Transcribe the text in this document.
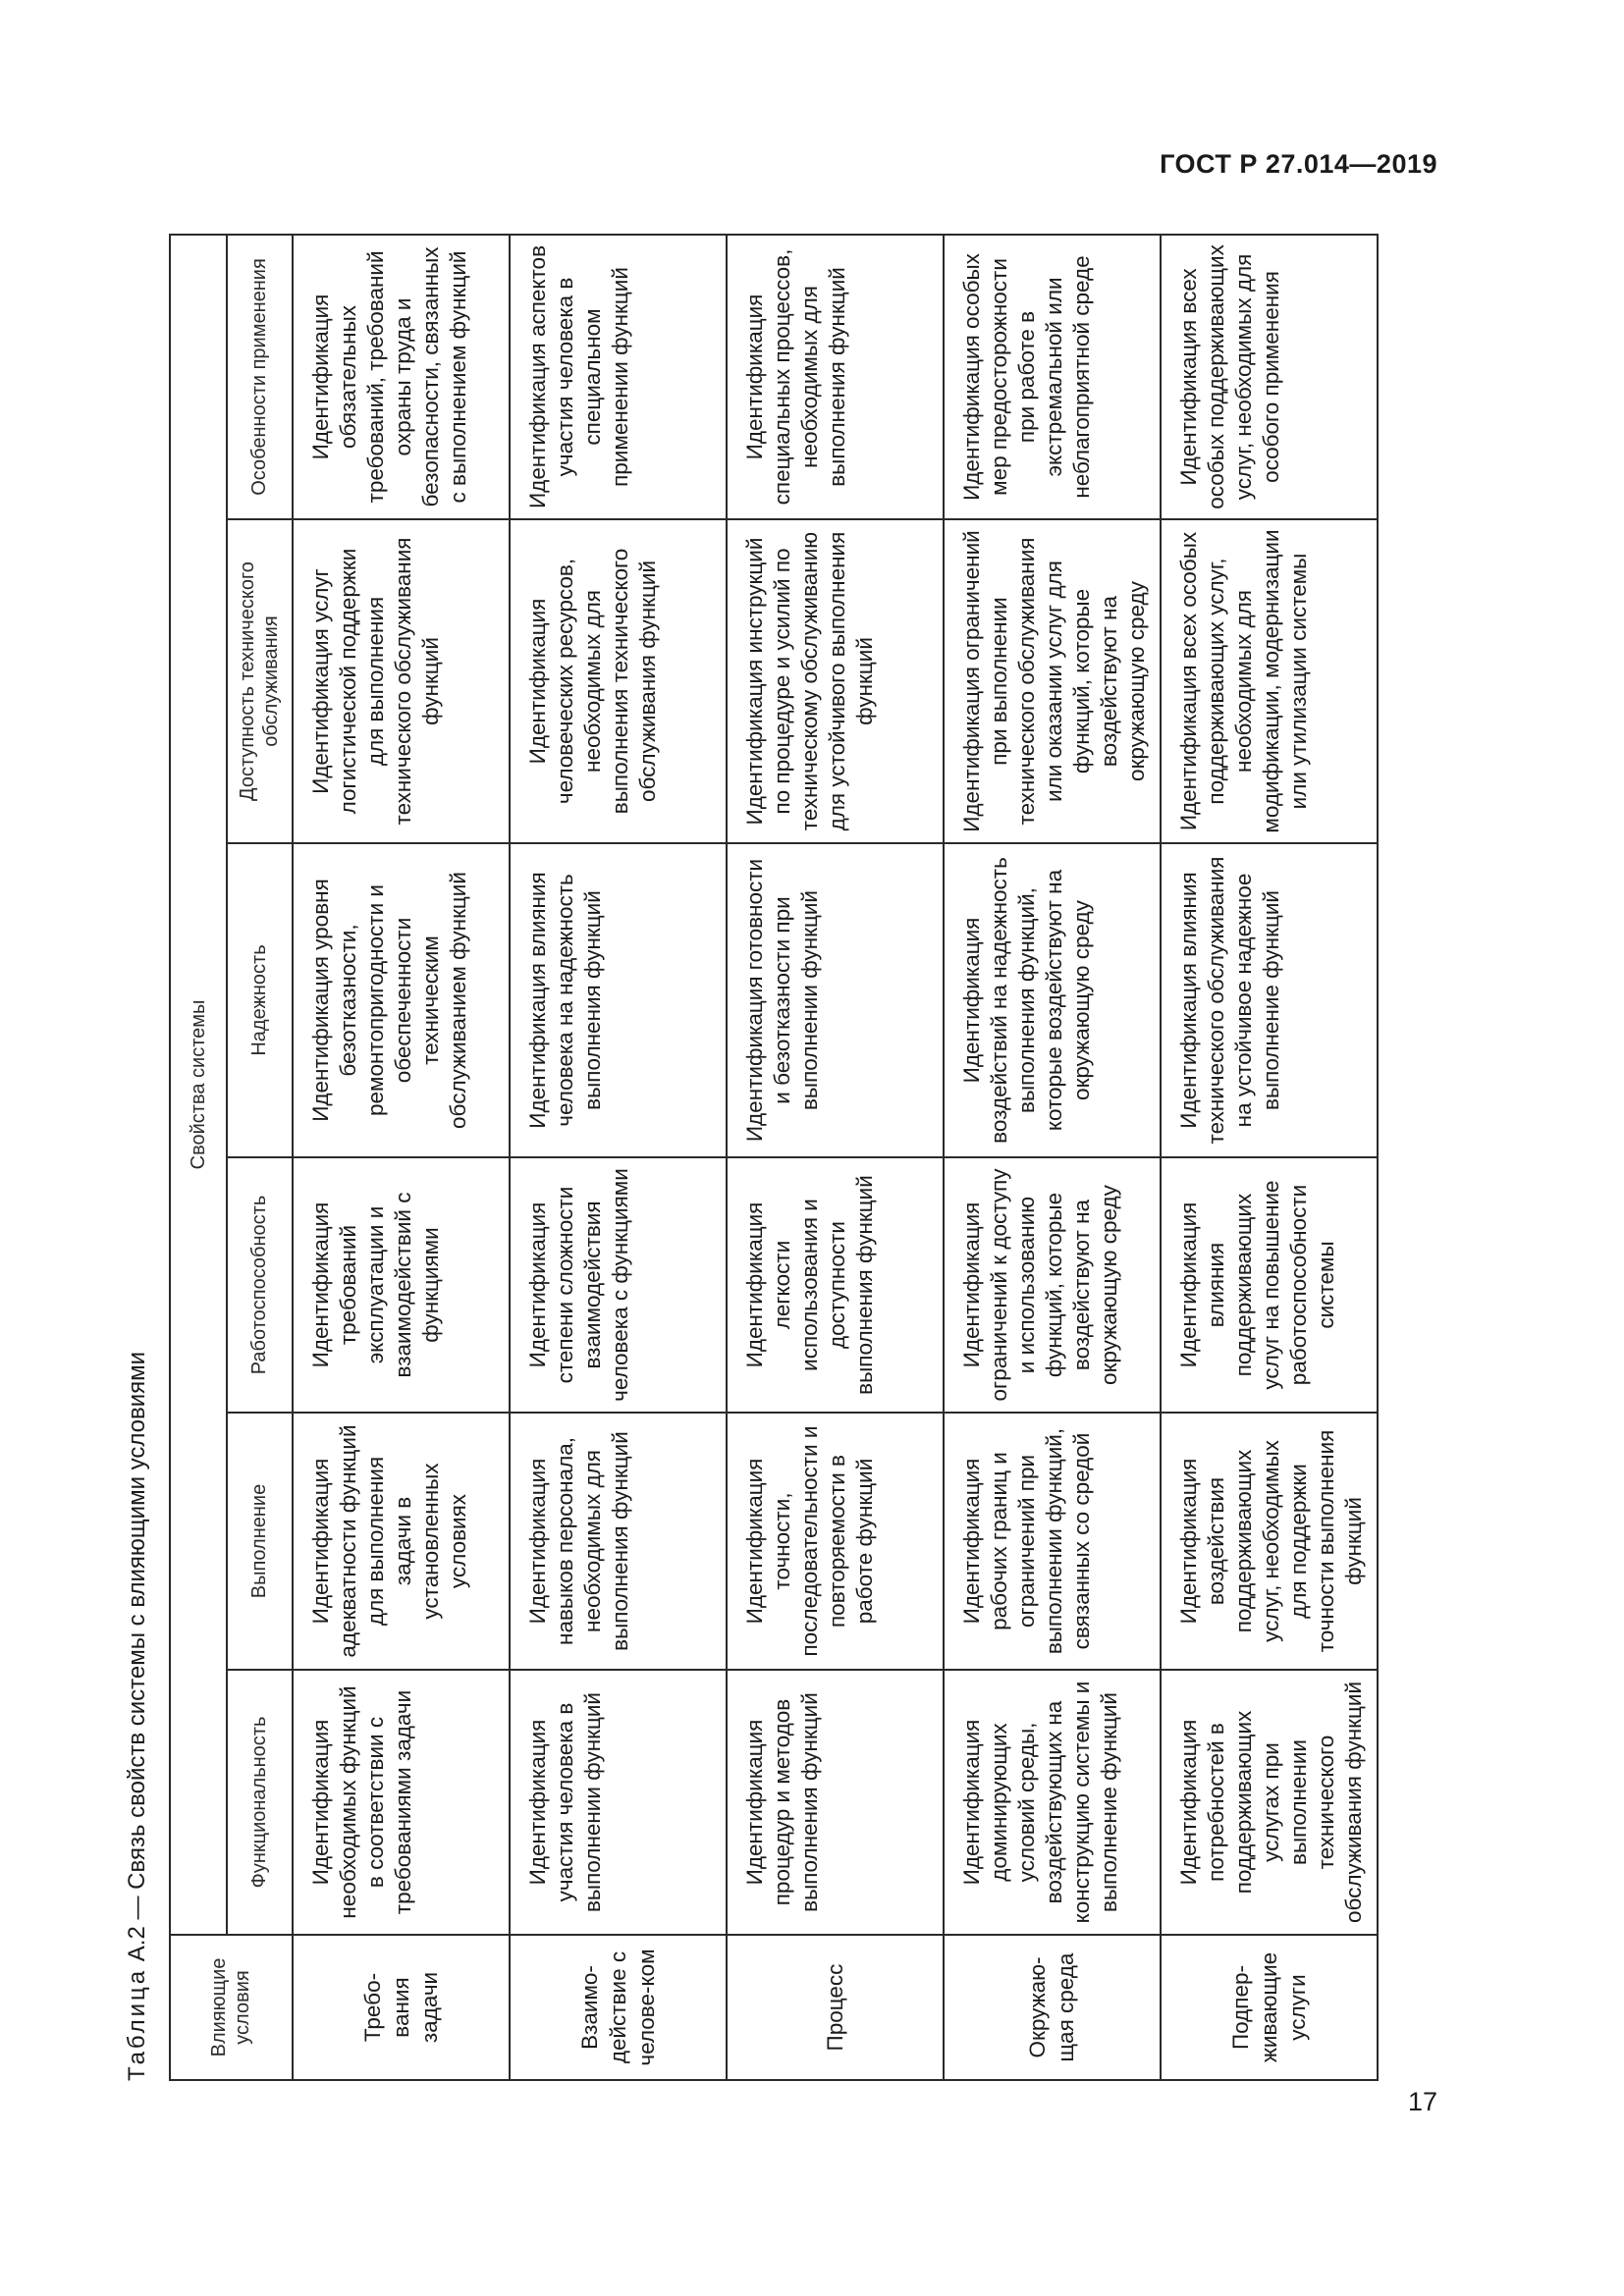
ГОСТ Р 27.014—2019
Таблица А.2 — Связь свойств системы с влияющими условиями
Влияющие условия	Свойства системы					
	Функциональность	Выполнение	Работоспособность	Надежность	Доступность технического обслуживания	Особенности применения
Требо-вания задачи	Идентификация необходимых функций в соответствии с требованиями задачи	Идентификация адекватности функций для выполнения задачи в установленных условиях	Идентификация требований эксплуатации и взаимодействий с функциями	Идентификация уровня безотказности, ремонтопригодности и обеспеченности техническим обслуживанием функций	Идентификация услуг логистической поддержки для выполнения технического обслуживания функций	Идентификация обязательных требований, требований охраны труда и безопасности, связанных с выполнением функций
Взаимо-действие с челове-ком	Идентификация участия человека в выполнении функций	Идентификация навыков персонала, необходимых для выполнения функций	Идентификация степени сложности взаимодействия человека с функциями	Идентификация влияния человека на надежность выполнения функций	Идентификация человеческих ресурсов, необходимых для выполнения технического обслуживания функций	Идентификация аспектов участия человека в специальном применении функций
Процесс	Идентификация процедур и методов выполнения функций	Идентификация точности, последовательности и повторяемости в работе функций	Идентификация легкости использования и доступности выполнения функций	Идентификация готовности и безотказности при выполнении функций	Идентификация инструкций по процедуре и усилий по техническому обслуживанию для устойчивого выполнения функций	Идентификация специальных процессов, необходимых для выполнения функций
Окружаю-щая среда	Идентификация доминирующих условий среды, воздействующих на конструкцию системы и выполнение функций	Идентификация рабочих границ и ограничений при выполнении функций, связанных со средой	Идентификация ограничений к доступу и использованию функций, которые воздействуют на окружающую среду	Идентификация воздействий на надежность выполнения функций, которые воздействуют на окружающую среду	Идентификация ограничений при выполнении технического обслуживания или оказании услуг для функций, которые воздействуют на окружающую среду	Идентификация особых мер предосторожности при работе в экстремальной или неблагоприятной среде
Подпер-живающие услуги	Идентификация потребностей в поддерживающих услугах при выполнении технического обслуживания функций	Идентификация воздействия поддерживающих услуг, необходимых для поддержки точности выполнения функций	Идентификация влияния поддерживающих услуг на повышение работоспособности системы	Идентификация влияния технического обслуживания на устойчивое надежное выполнение функций	Идентификация всех особых поддерживающих услуг, необходимых для модификации, модернизации или утилизации системы	Идентификация всех особых поддерживающих услуг, необходимых для особого применения
17
